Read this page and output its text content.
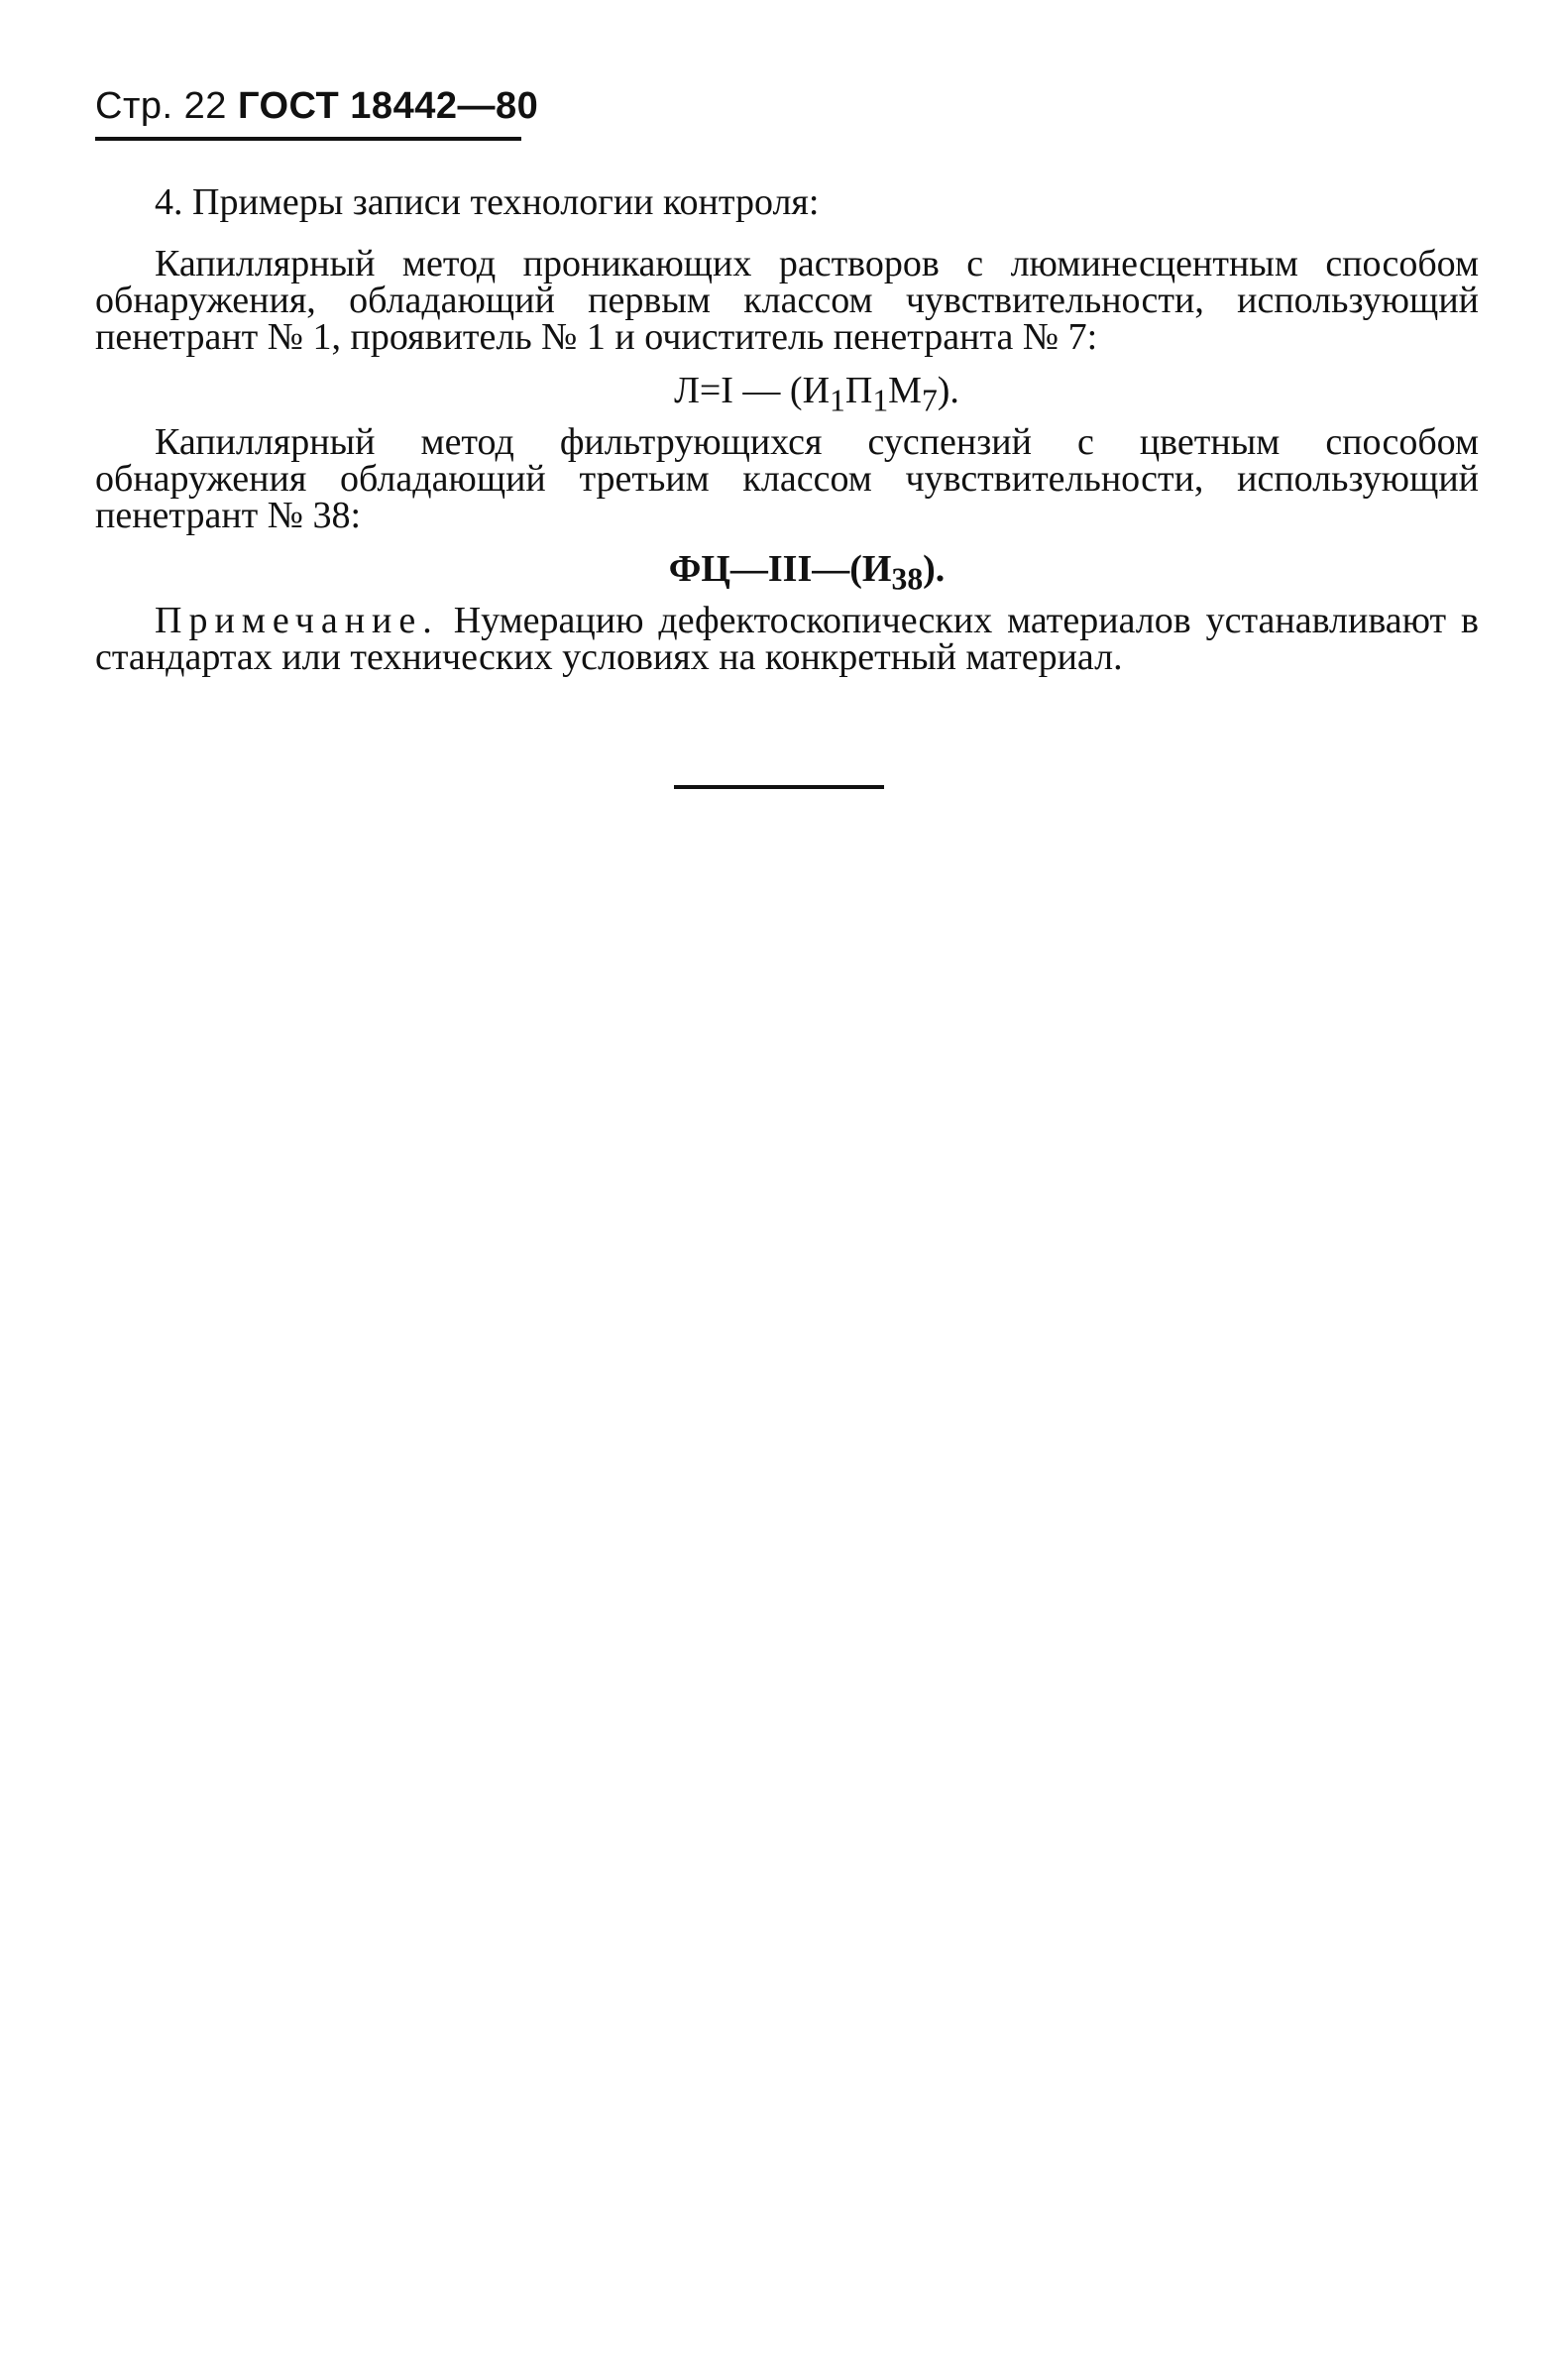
Стр. 22 ГОСТ 18442—80

4. Примеры записи технологии контроля:

Капиллярный метод проникающих растворов с люминесцентным способом обнаружения, обладающий первым классом чувствительности, использующий пенетрант № 1, проявитель № 1 и очиститель пенетранта № 7:

Л=I — $(И_1П_1М_7)$.

Капиллярный метод фильтрующихся суспензий с цветным способом обнаружения обладающий третьим классом чувствительности, использующий пенетрант № 38:

$ФЦ—III—(И_{38})$.

Примечание. Нумерацию дефектоскопических материалов устанавливают в стандартах или технических условиях на конкретный материал.
